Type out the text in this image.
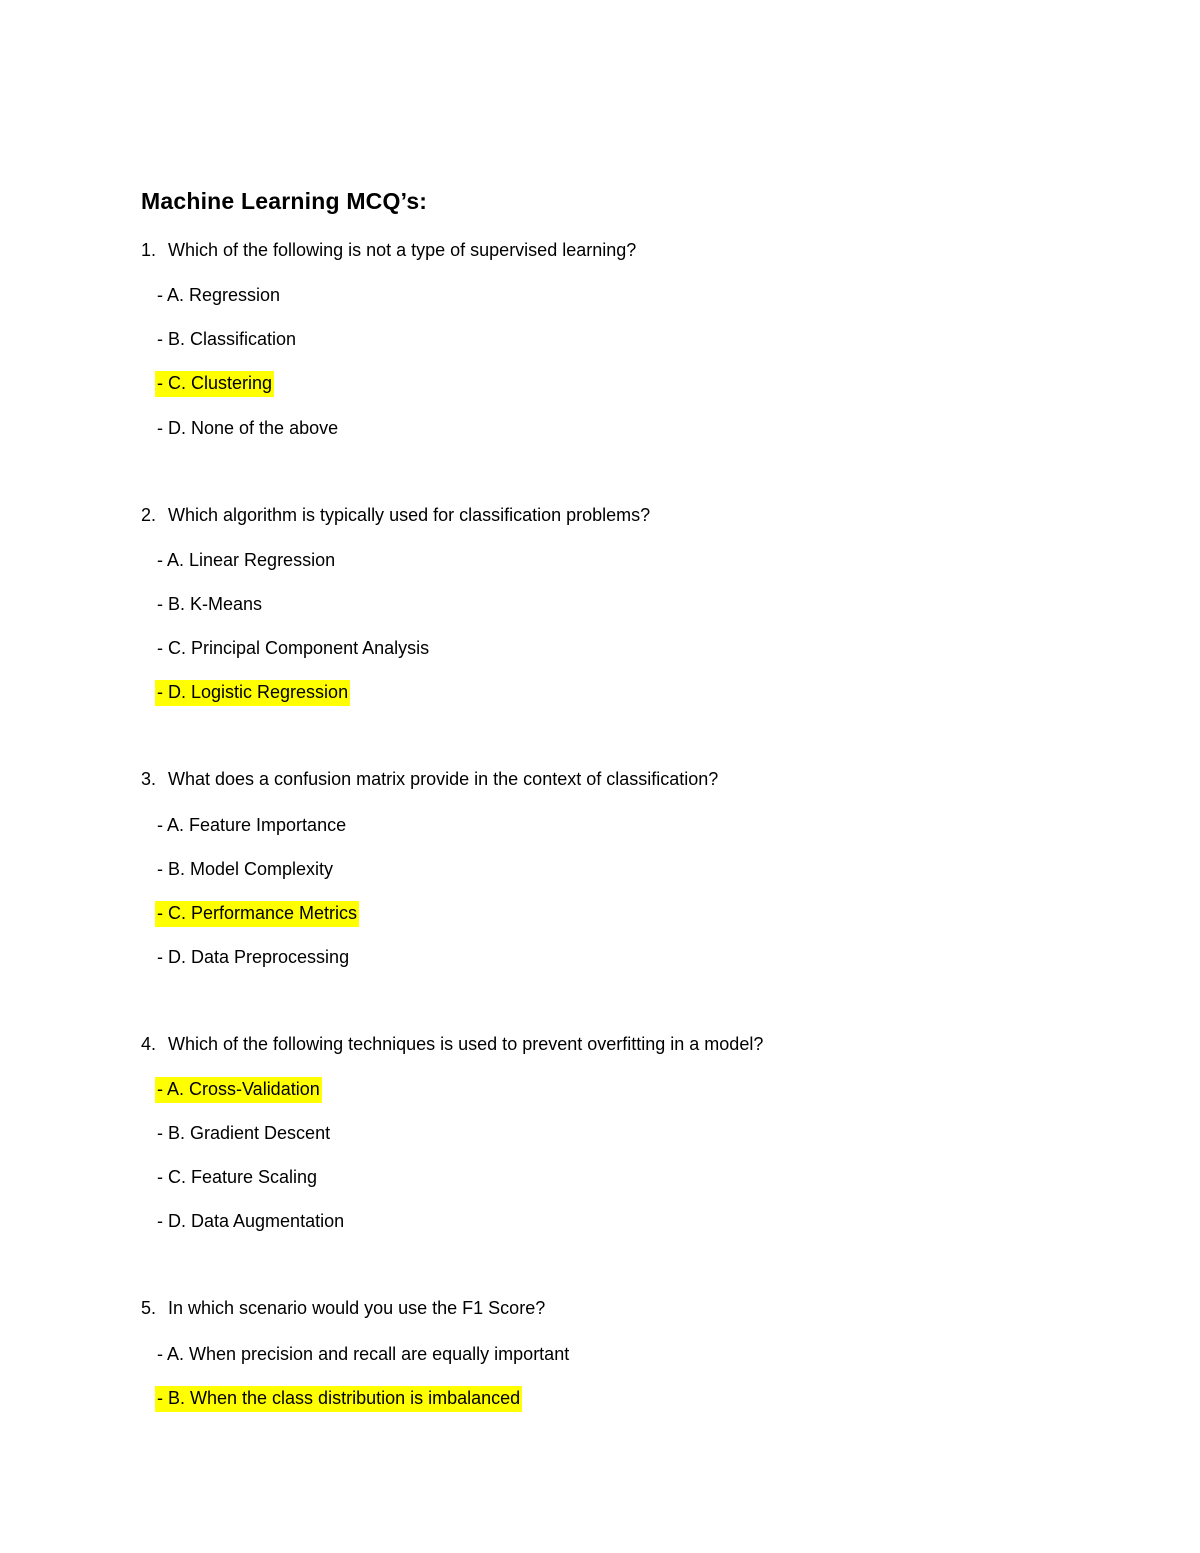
Machine Learning MCQ’s:
1. Which of the following is not a type of supervised learning?
- A. Regression
- B. Classification
- C. Clustering
- D. None of the above
2. Which algorithm is typically used for classification problems?
- A. Linear Regression
- B. K-Means
- C. Principal Component Analysis
- D. Logistic Regression
3. What does a confusion matrix provide in the context of classification?
- A. Feature Importance
- B. Model Complexity
- C. Performance Metrics
- D. Data Preprocessing
4. Which of the following techniques is used to prevent overfitting in a model?
- A. Cross-Validation
- B. Gradient Descent
- C. Feature Scaling
- D. Data Augmentation
5. In which scenario would you use the F1 Score?
- A. When precision and recall are equally important
- B. When the class distribution is imbalanced
